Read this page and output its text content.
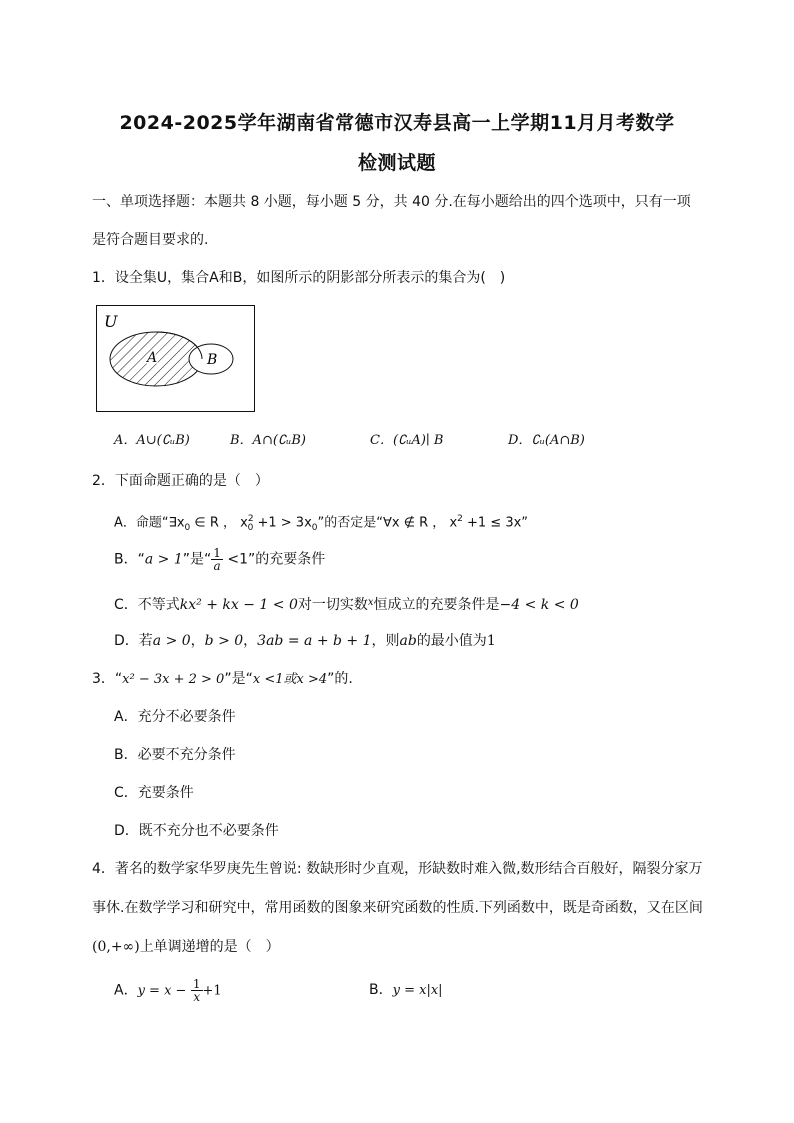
2024-2025学年湖南省常德市汉寿县高一上学期11月月考数学
检测试题
一、单项选择题：本题共 8 小题，每小题 5 分，共 40 分.在每小题给出的四个选项中，只有一项
是符合题目要求的.
1．设全集U，集合A和B，如图所示的阴影部分所表示的集合为(　)
U
A	B
A．A∪(∁ᵤB)	B．A∩(∁ᵤB)	C．(∁ᵤA)∣ B	D．∁ᵤ(A∩B)
2．下面命题正确的是（　）
A．命题“$\exists x_0$ ∈ R ， $x^2_0 +1 > 3x_0$”的否定是“∀x ∉ R ， $x^2 +1 \le 3x$”
B．“a > 1”是“ $\frac{1}{a} <1$”的充要条件
C．不等式kx² + kx − 1 < 0对一切实数$^x$恒成立的充要条件是−4 < k < 0
D．若a > 0，b > 0，3ab = a + b + 1，则ab的最小值为1
3．“x² − 3x + 2 > 0”是“x <1或x >4”的.
A．充分不必要条件
B．必要不充分条件
C．充要条件
D．既不充分也不必要条件
4．著名的数学家华罗庚先生曾说: 数缺形时少直观，形缺数时难入微,数形结合百般好，隔裂分家万
事休.在数学学习和研究中，常用函数的图象来研究函数的性质.下列函数中，既是奇函数，又在区间
(0,+∞)上单调递增的是（　）
A．$y = x - \frac{1}{x} +1$	B．y = x|x|
